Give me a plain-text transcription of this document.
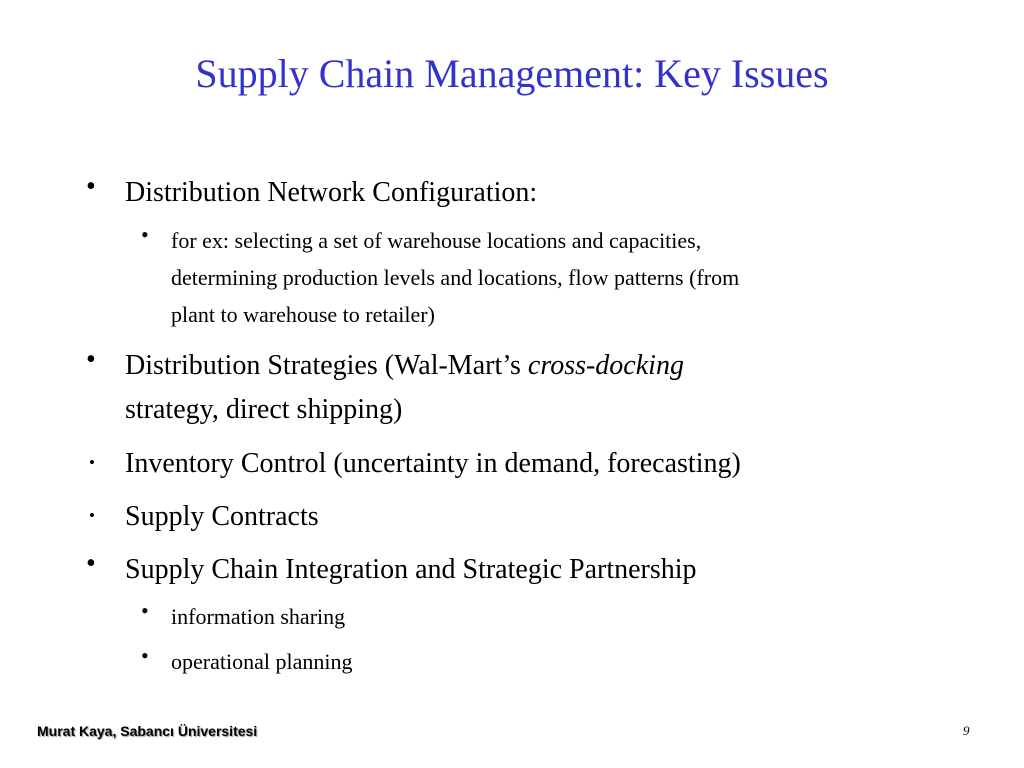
Supply Chain Management: Key Issues
• Distribution Network Configuration:
• for ex: selecting a set of warehouse locations and capacities,
determining production levels and locations, flow patterns (from
plant to warehouse to retailer)
• Distribution Strategies (Wal-Mart’s cross-docking
strategy, direct shipping)
• Inventory Control (uncertainty in demand, forecasting)
• Supply Contracts
• Supply Chain Integration and Strategic Partnership
• information sharing
• operational planning
Murat Kaya, Sabancı Üniversitesi	9
